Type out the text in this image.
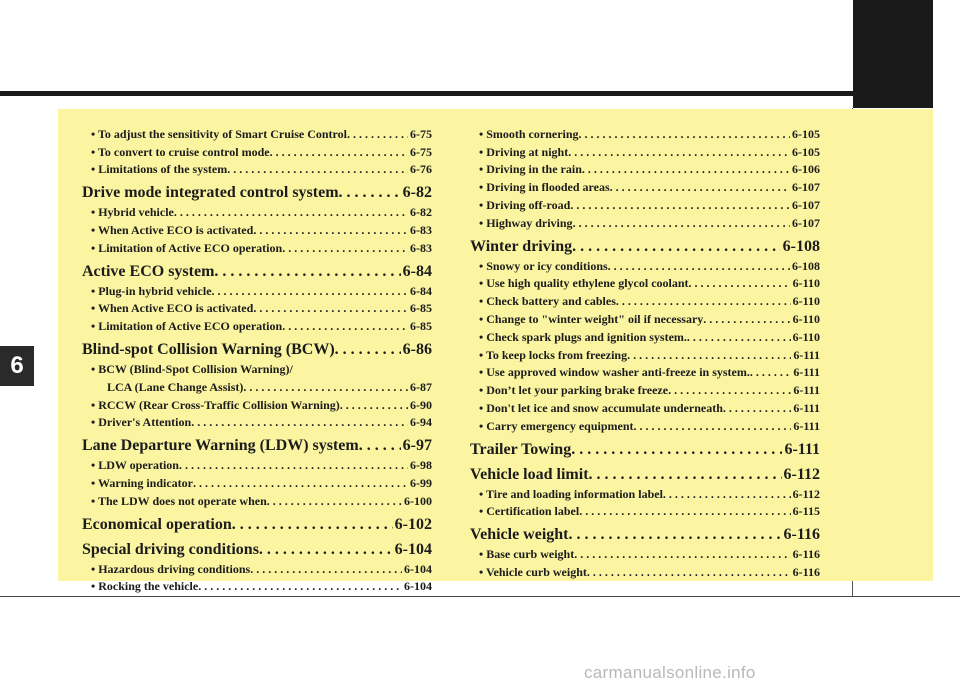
6
• To adjust the sensitivity of Smart Cruise Control . . .	6-75
• To convert to cruise control mode . . .	6-75
• Limitations of the system . . .	6-76
Drive mode integrated control system . . .	6-82
• Hybrid vehicle . . .	6-82
• When Active ECO is activated . . .	6-83
• Limitation of Active ECO operation . . .	6-83
Active ECO system . . .	6-84
• Plug-in hybrid vehicle . . .	6-84
• When Active ECO is activated . . .	6-85
• Limitation of Active ECO operation . . .	6-85
Blind-spot Collision Warning (BCW) . . .	6-86
• BCW (Blind-Spot Collision Warning)/
LCA (Lane Change Assist) . . .	6-87
• RCCW (Rear Cross-Traffic Collision Warning) . . .	6-90
• Driver's Attention . . .	6-94
Lane Departure Warning (LDW) system . . .	6-97
• LDW operation . . .	6-98
• Warning indicator . . .	6-99
• The LDW does not operate when . . .	6-100
Economical operation . . .	6-102
Special driving conditions . . .	6-104
• Hazardous driving conditions . . .	6-104
• Rocking the vehicle . . .	6-104
• Smooth cornering . . .	6-105
• Driving at night . . .	6-105
• Driving in the rain . . .	6-106
• Driving in flooded areas . . .	6-107
• Driving off-road . . .	6-107
• Highway driving . . .	6-107
Winter driving . . .	6-108
• Snowy or icy conditions . . .	6-108
• Use high quality ethylene glycol coolant . . .	6-110
• Check battery and cables . . .	6-110
• Change to "winter weight" oil if necessary . . .	6-110
• Check spark plugs and ignition system. . . .	6-110
• To keep locks from freezing . . .	6-111
• Use approved window washer anti-freeze in system. . . .	6-111
• Don’t let your parking brake freeze . . .	6-111
• Don't let ice and snow accumulate underneath . . .	6-111
• Carry emergency equipment . . .	6-111
Trailer Towing . . .	6-111
Vehicle load limit . . .	6-112
• Tire and loading information label . . .	6-112
• Certification label . . .	6-115
Vehicle weight . . .	6-116
• Base curb weight . . .	6-116
• Vehicle curb weight . . .	6-116
carmanualsonline.info
